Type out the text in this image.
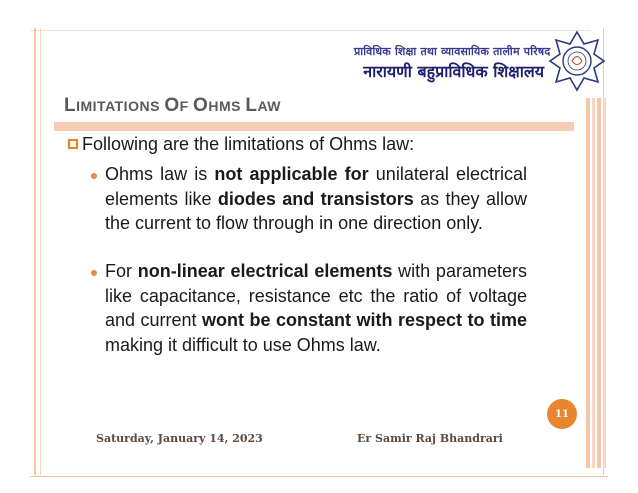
प्राविधिक शिक्षा तथा व्यावसायिक तालीम परिषद
नारायणी बहुप्राविधिक शिक्षालय
LIMITATIONS OF OHMS LAW
Following are the limitations of Ohms law:
Ohms law is not applicable for unilateral electrical elements like diodes and transistors as they allow the current to flow through in one direction only.
For non-linear electrical elements with parameters like capacitance, resistance etc the ratio of voltage and current wont be constant with respect to time making it difficult to use Ohms law.
11
Saturday, January 14, 2023	Er Samir Raj Bhandrari
